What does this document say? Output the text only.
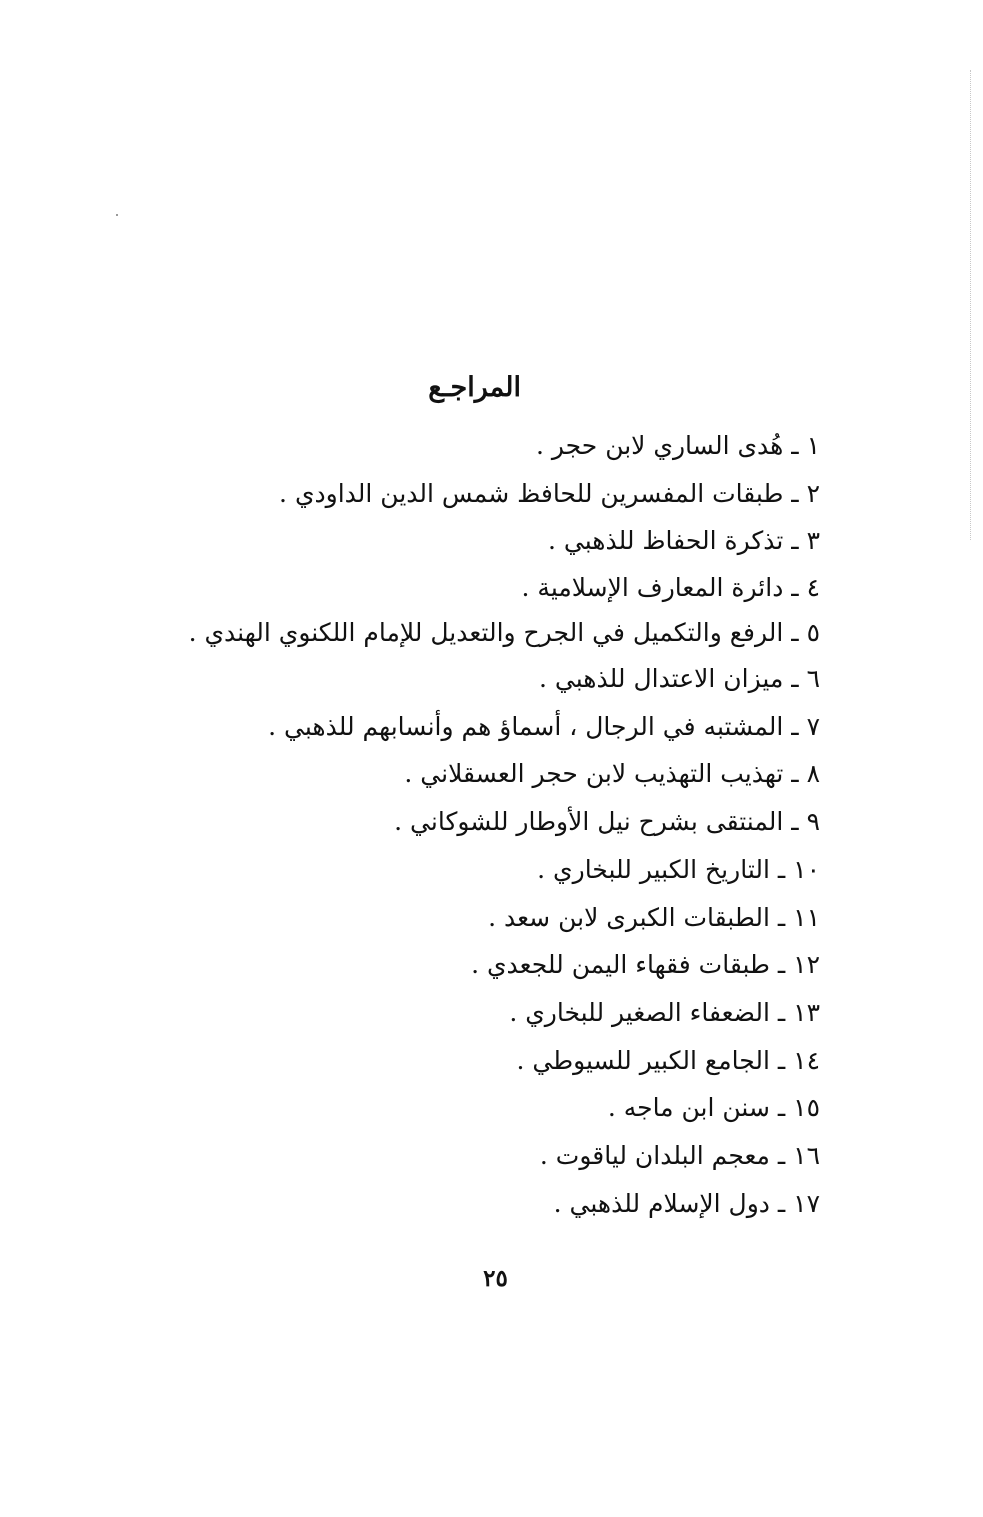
المراجـع
١ ـ هُدى الساري لابن حجر .
٢ ـ طبقات المفسرين للحافظ شمس الدين الداودي .
٣ ـ تذكرة الحفاظ للذهبي .
٤ ـ دائرة المعارف الإسلامية .
٥ ـ الرفع والتكميل في الجرح والتعديل للإمام اللكنوي الهندي .
٦ ـ ميزان الاعتدال للذهبي .
٧ ـ المشتبه في الرجال ، أسماؤ هم وأنسابهم للذهبي .
٨ ـ تهذيب التهذيب لابن حجر العسقلاني .
٩ ـ المنتقى بشرح نيل الأوطار للشوكاني .
١٠ ـ التاريخ الكبير للبخاري .
١١ ـ الطبقات الكبرى لابن سعد .
١٢ ـ طبقات فقهاء اليمن للجعدي .
١٣ ـ الضعفاء الصغير للبخاري .
١٤ ـ الجامع الكبير للسيوطي .
١٥ ـ سنن ابن ماجه .
١٦ ـ معجم البلدان لياقوت .
١٧ ـ دول الإسلام للذهبي .
٢٥
